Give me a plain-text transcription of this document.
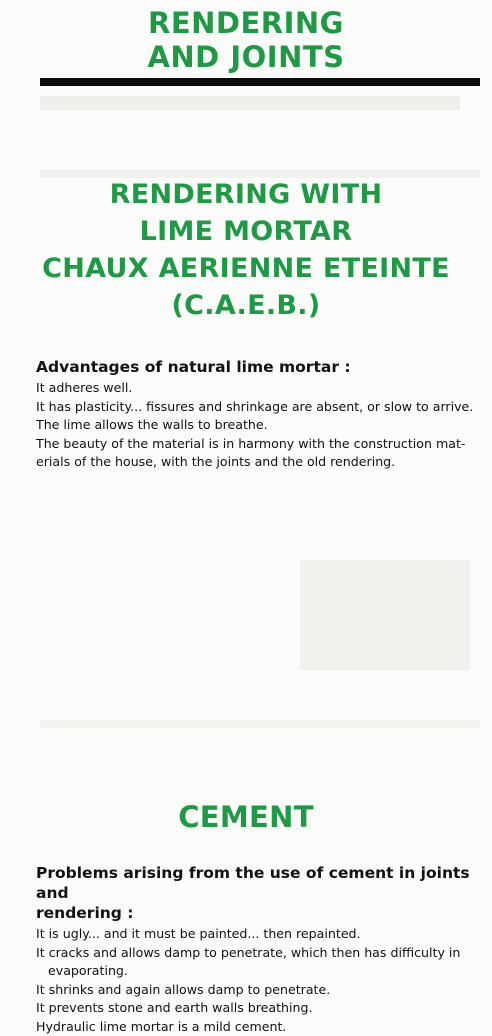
RENDERING
AND JOINTS
RENDERING WITH
LIME MORTAR
CHAUX AERIENNE ETEINTE
(C.A.E.B.)
Advantages of natural lime mortar :

It adheres well.

It has plasticity... fissures and shrinkage are absent, or slow to arrive.

The lime allows the walls to breathe.

The beauty of the material is in harmony with the construction mat-

erials of the house, with the joints and the old rendering.

CEMENT
Problems arising from the use of cement in joints and
rendering :

It is ugly... and it must be painted... then repainted.

It cracks and allows damp to penetrate, which then has difficulty in

evaporating.

It shrinks and again allows damp to penetrate.

It prevents stone and earth walls breathing.

Hydraulic lime mortar is a mild cement.
